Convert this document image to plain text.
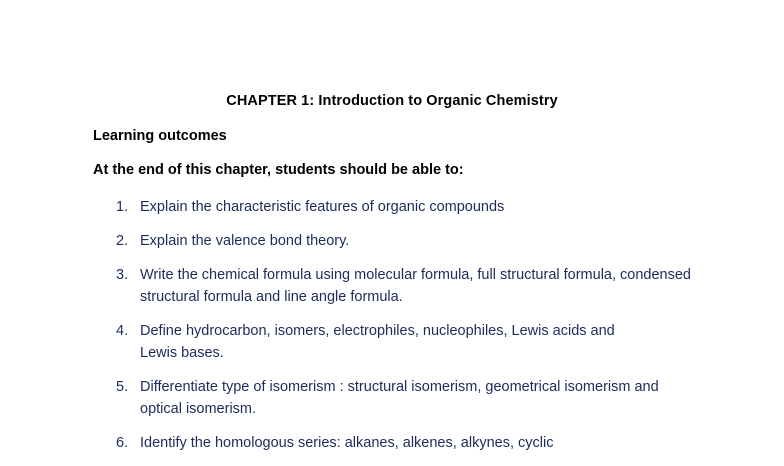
CHAPTER 1: Introduction to Organic Chemistry
Learning outcomes
At the end of this chapter, students should be able to:
1. Explain the characteristic features of organic compounds
2. Explain the valence bond theory.
3. Write the chemical formula using molecular formula, full structural formula, condensed structural formula and line angle formula.
4. Define hydrocarbon, isomers, electrophiles, nucleophiles, Lewis acids and Lewis bases.
5. Differentiate type of isomerism : structural isomerism, geometrical isomerism and optical isomerism.
6. Identify the homologous series: alkanes, alkenes, alkynes, cyclic
